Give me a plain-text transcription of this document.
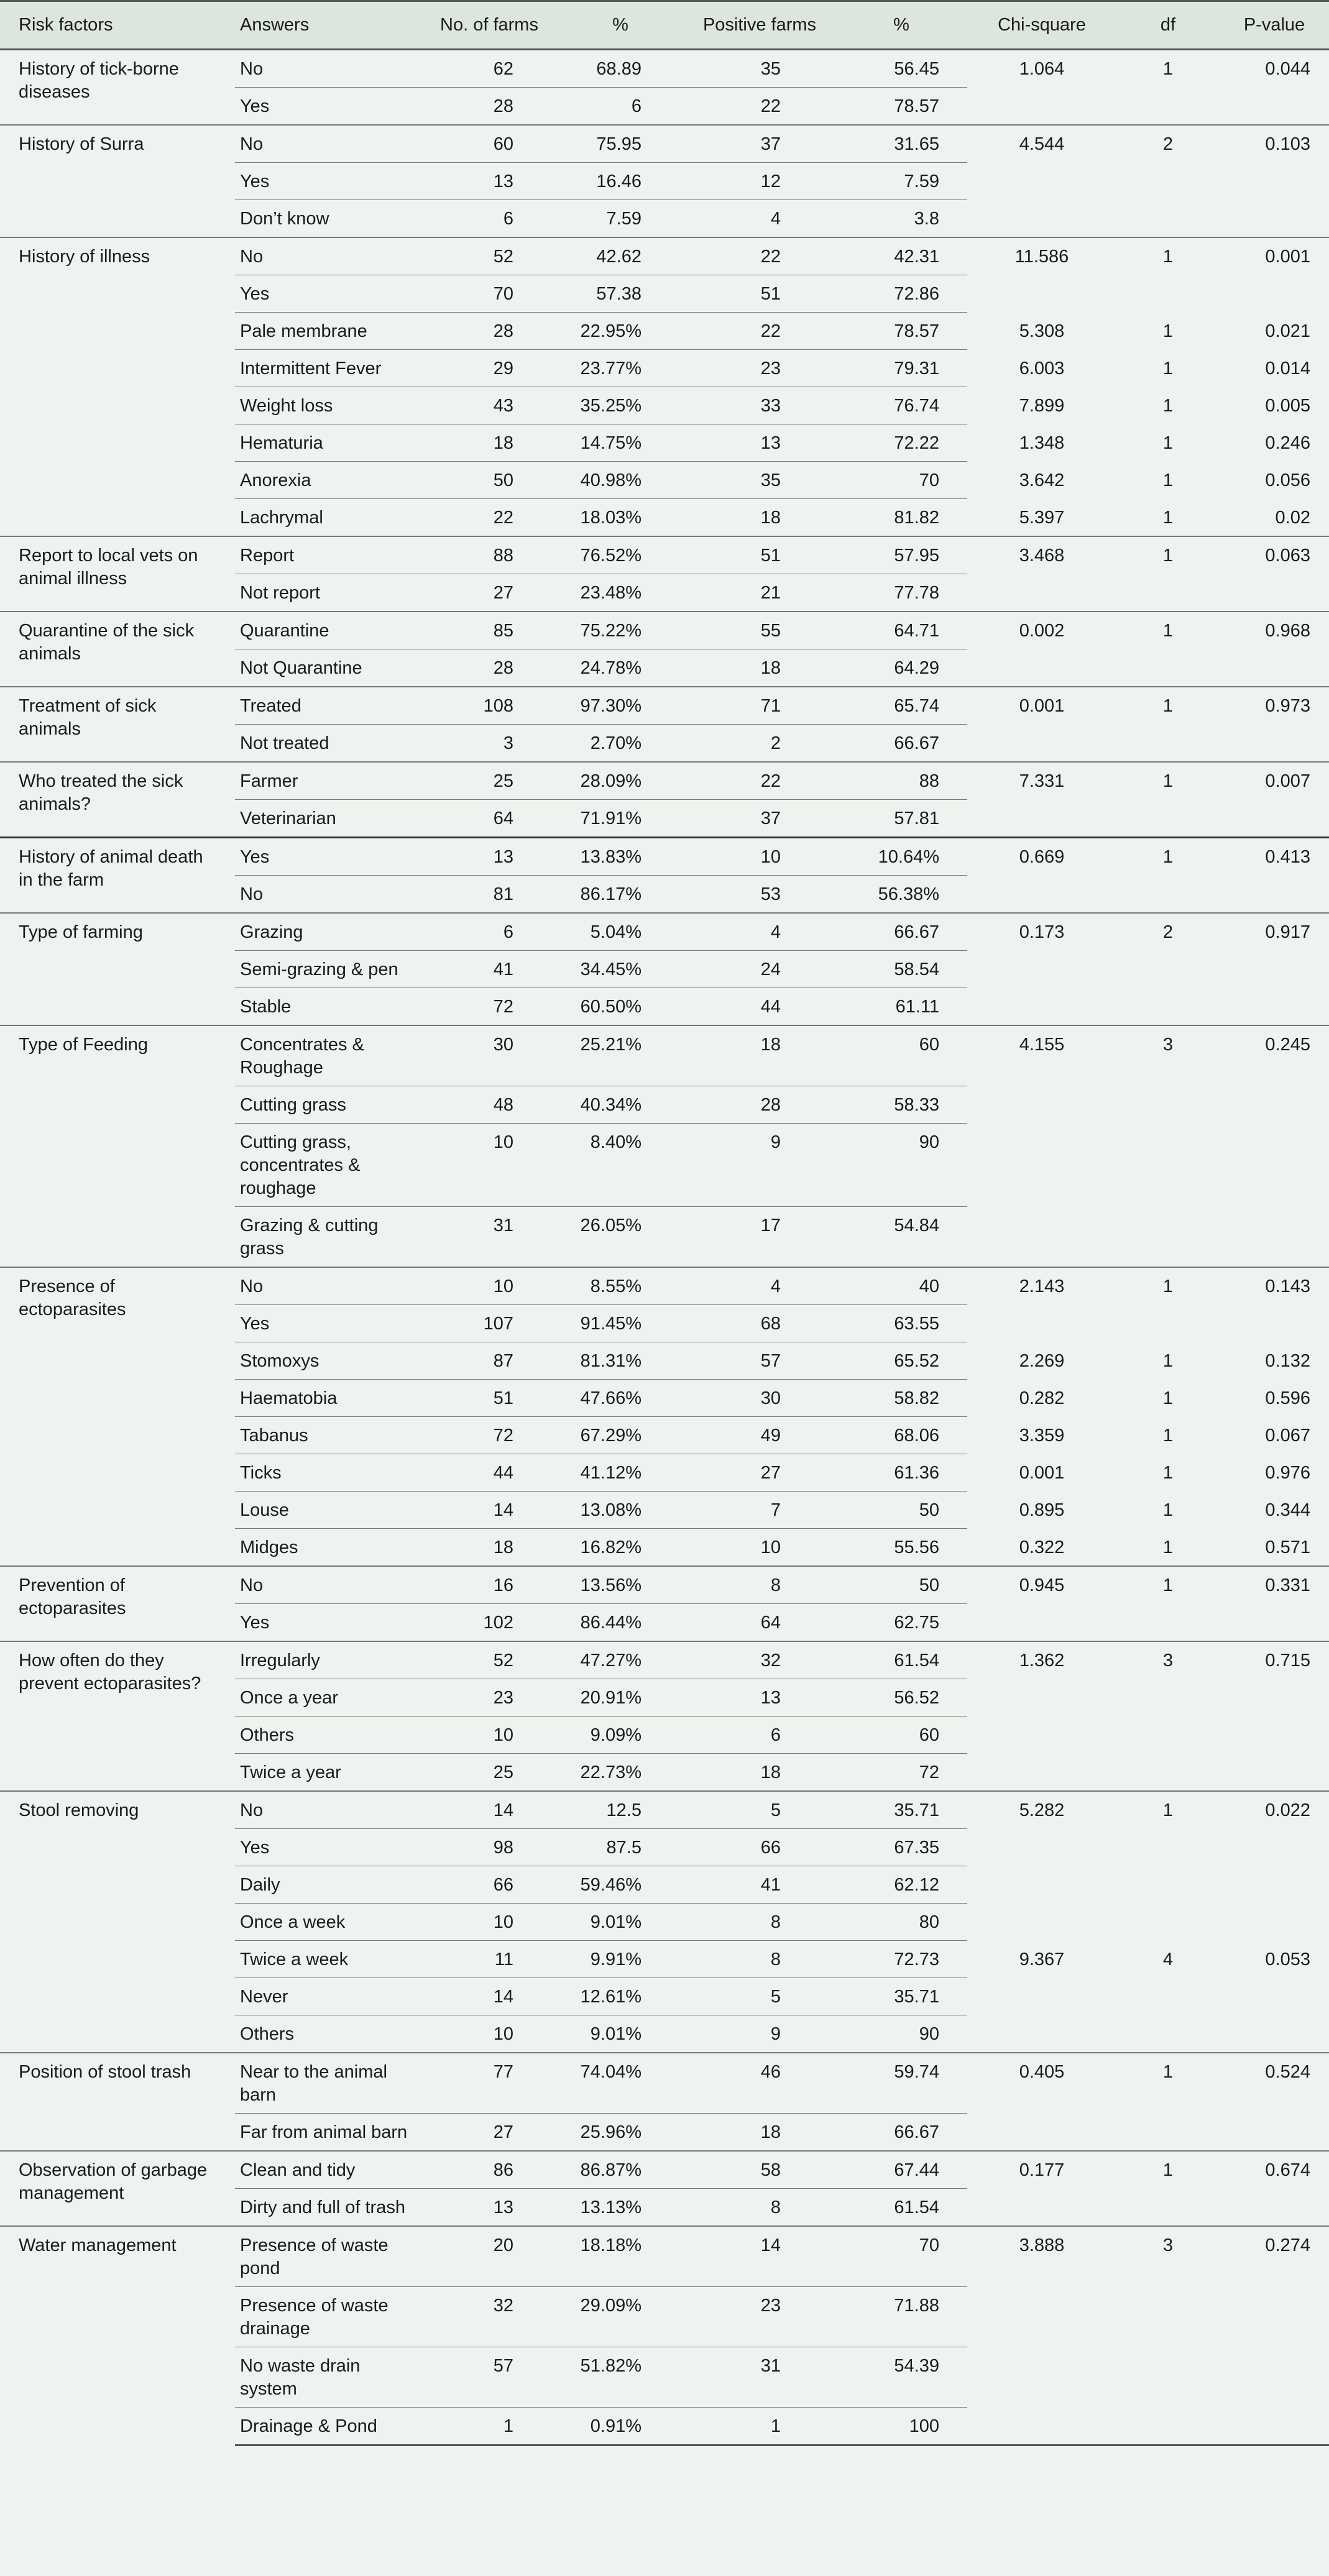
Risk factors	Answers	No. of farms	%	Positive farms	%	Chi-square	df	P-value
History of tick-borne diseases	No	62	68.89	35	56.45	1.064	1	0.044
	Yes	28	6	22	78.57			
History of Surra	No	60	75.95	37	31.65	4.544	2	0.103
	Yes	13	16.46	12	7.59			
	Don’t know	6	7.59	4	3.8			
History of illness	No	52	42.62	22	42.31	11.586	1	0.001
	Yes	70	57.38	51	72.86			
	Pale membrane	28	22.95%	22	78.57	5.308	1	0.021
	Intermittent Fever	29	23.77%	23	79.31	6.003	1	0.014
	Weight loss	43	35.25%	33	76.74	7.899	1	0.005
	Hematuria	18	14.75%	13	72.22	1.348	1	0.246
	Anorexia	50	40.98%	35	70	3.642	1	0.056
	Lachrymal	22	18.03%	18	81.82	5.397	1	0.02
Report to local vets on animal illness	Report	88	76.52%	51	57.95	3.468	1	0.063
	Not report	27	23.48%	21	77.78			
Quarantine of the sick animals	Quarantine	85	75.22%	55	64.71	0.002	1	0.968
	Not Quarantine	28	24.78%	18	64.29			
Treatment of sick animals	Treated	108	97.30%	71	65.74	0.001	1	0.973
	Not treated	3	2.70%	2	66.67			
Who treated the sick animals?	Farmer	25	28.09%	22	88	7.331	1	0.007
	Veterinarian	64	71.91%	37	57.81			
History of animal death in the farm	Yes	13	13.83%	10	10.64%	0.669	1	0.413
	No	81	86.17%	53	56.38%			
Type of farming	Grazing	6	5.04%	4	66.67	0.173	2	0.917
	Semi-grazing & pen	41	34.45%	24	58.54			
	Stable	72	60.50%	44	61.11			
Type of Feeding	Concentrates & Roughage	30	25.21%	18	60	4.155	3	0.245
	Cutting grass	48	40.34%	28	58.33			
	Cutting grass, concentrates & roughage	10	8.40%	9	90			
	Grazing & cutting grass	31	26.05%	17	54.84			
Presence of ectoparasites	No	10	8.55%	4	40	2.143	1	0.143
	Yes	107	91.45%	68	63.55			
	Stomoxys	87	81.31%	57	65.52	2.269	1	0.132
	Haematobia	51	47.66%	30	58.82	0.282	1	0.596
	Tabanus	72	67.29%	49	68.06	3.359	1	0.067
	Ticks	44	41.12%	27	61.36	0.001	1	0.976
	Louse	14	13.08%	7	50	0.895	1	0.344
	Midges	18	16.82%	10	55.56	0.322	1	0.571
Prevention of ectoparasites	No	16	13.56%	8	50	0.945	1	0.331
	Yes	102	86.44%	64	62.75			
How often do they prevent ectoparasites?	Irregularly	52	47.27%	32	61.54	1.362	3	0.715
	Once a year	23	20.91%	13	56.52			
	Others	10	9.09%	6	60			
	Twice a year	25	22.73%	18	72			
Stool removing	No	14	12.5	5	35.71	5.282	1	0.022
	Yes	98	87.5	66	67.35			
	Daily	66	59.46%	41	62.12			
	Once a week	10	9.01%	8	80			
	Twice a week	11	9.91%	8	72.73	9.367	4	0.053
	Never	14	12.61%	5	35.71			
	Others	10	9.01%	9	90			
Position of stool trash	Near to the animal barn	77	74.04%	46	59.74	0.405	1	0.524
	Far from animal barn	27	25.96%	18	66.67			
Observation of garbage management	Clean and tidy	86	86.87%	58	67.44	0.177	1	0.674
	Dirty and full of trash	13	13.13%	8	61.54			
Water management	Presence of waste pond	20	18.18%	14	70	3.888	3	0.274
	Presence of waste drainage	32	29.09%	23	71.88			
	No waste drain system	57	51.82%	31	54.39			
	Drainage & Pond	1	0.91%	1	100			
